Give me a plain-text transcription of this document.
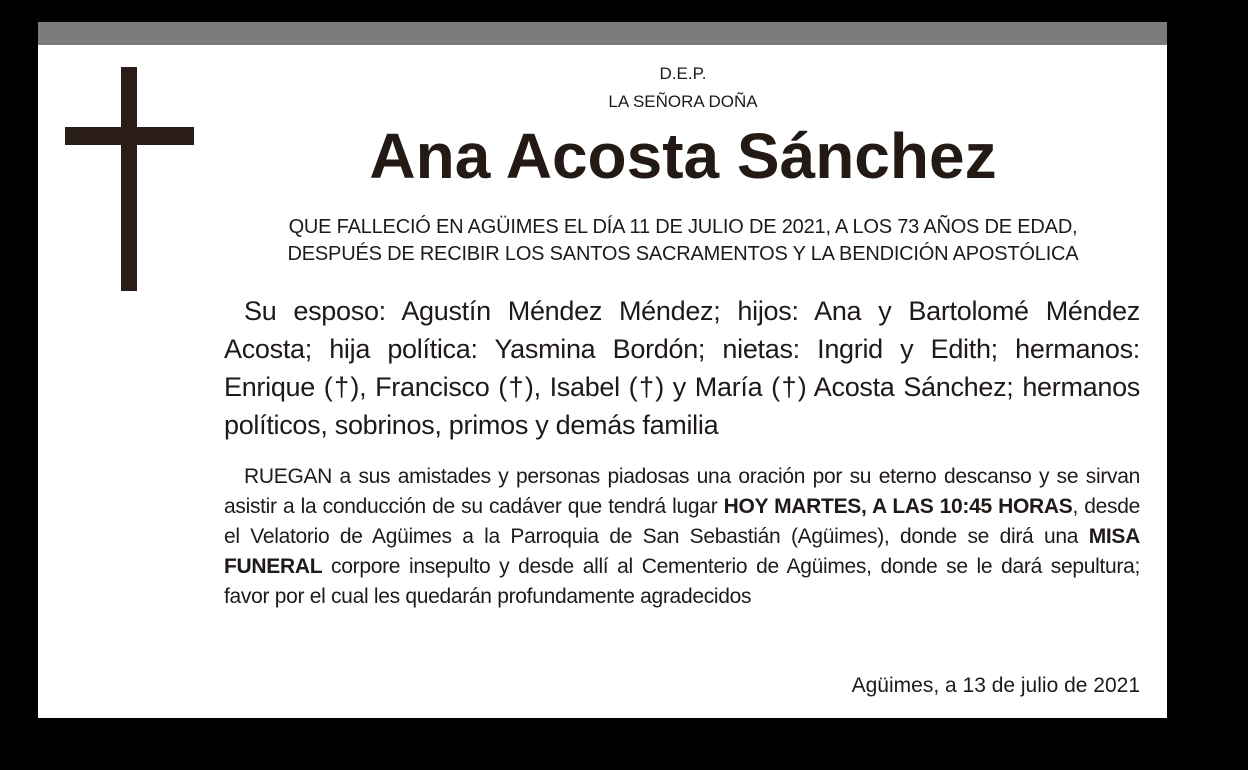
D.E.P.
LA SEÑORA DOÑA
Ana Acosta Sánchez
QUE FALLECIÓ EN AGÜIMES EL DÍA 11 DE JULIO DE 2021, A LOS 73 AÑOS DE EDAD,
DESPUÉS DE RECIBIR LOS SANTOS SACRAMENTOS Y LA BENDICIÓN APOSTÓLICA
Su esposo: Agustín Méndez Méndez; hijos: Ana y Bartolomé Méndez Acosta; hija política: Yasmina Bordón; nietas: Ingrid y Edith; hermanos: Enrique (†), Francisco (†), Isabel (†) y María (†) Acosta Sánchez; hermanos políticos, sobrinos, primos y demás familia
RUEGAN a sus amistades y personas piadosas una oración por su eterno descanso y se sirvan asistir a la conducción de su cadáver que tendrá lugar HOY MARTES, A LAS 10:45 HORAS, desde el Velatorio de Agüimes a la Parroquia de San Sebastián (Agüimes), donde se dirá una MISA FUNERAL corpore insepulto y desde allí al Cementerio de Agüimes, donde se le dará sepultura; favor por el cual les quedarán profundamente agradecidos
Agüimes, a 13 de julio de 2021
